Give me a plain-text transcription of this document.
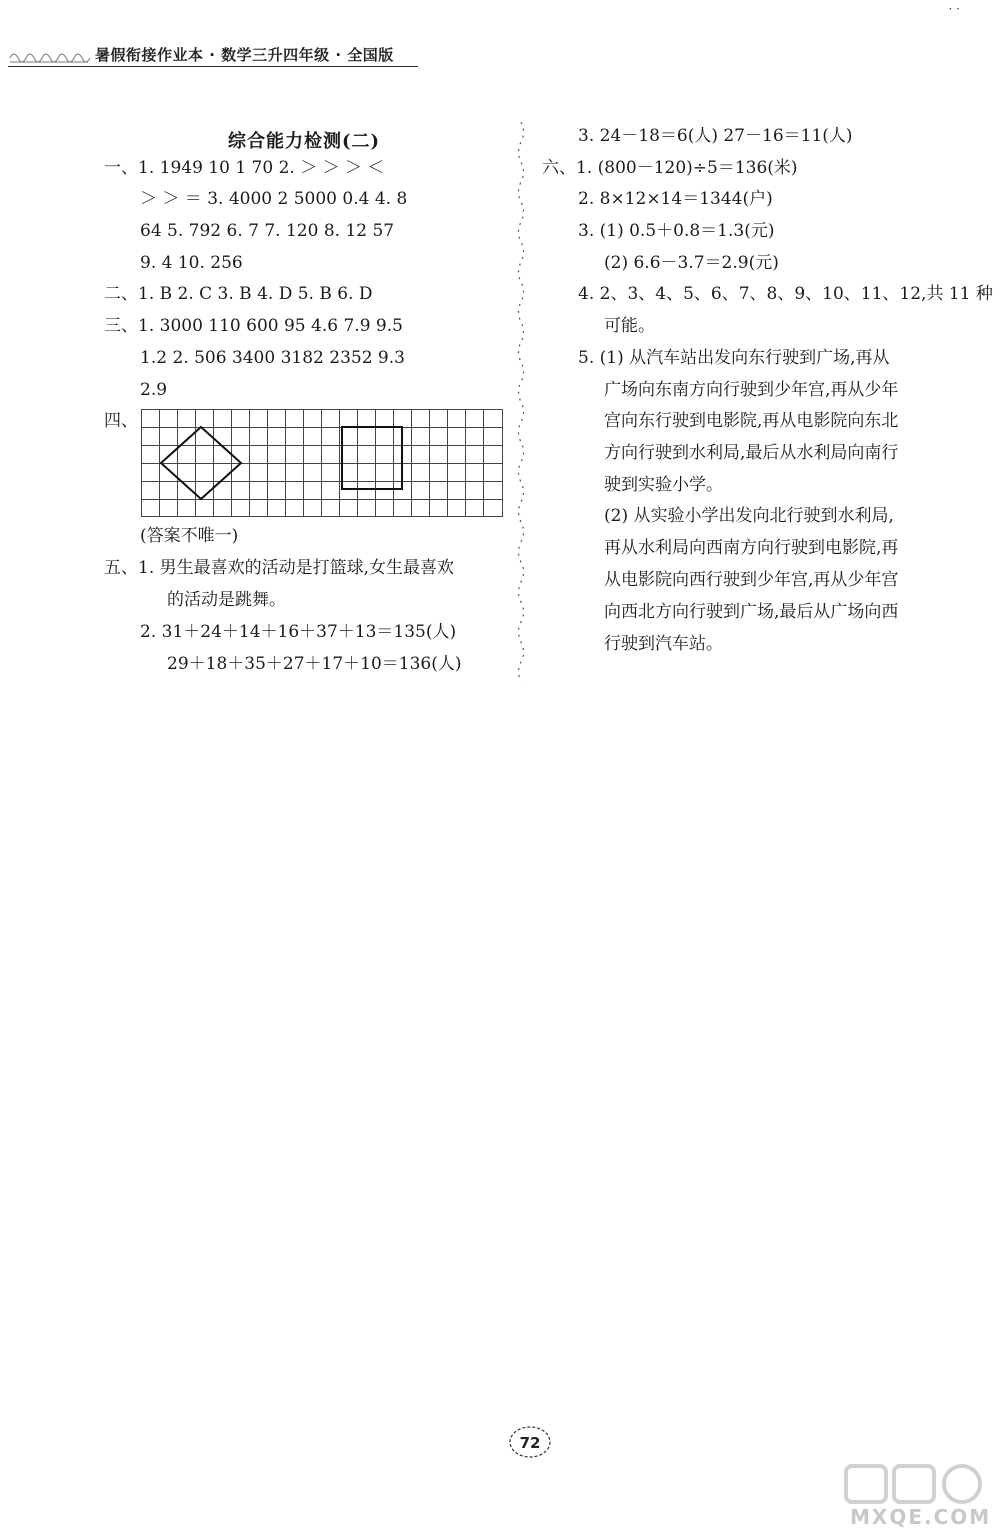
暑假衔接作业本 · 数学三升四年级 · 全国版
· ·
综合能力检测(二)
一、1. 1949 10 1 70 2. ＞ ＞ ＞ ＜
＞ ＞ ＝ 3. 4000 2 5000 0.4 4. 8
64 5. 792 6. 7 7. 120 8. 12 57
9. 4 10. 256
二、1. B 2. C 3. B 4. D 5. B 6. D
三、1. 3000 110 600 95 4.6 7.9 9.5
1.2 2. 506 3400 3182 2352 9.3
2.9
四、
(答案不唯一)
五、1. 男生最喜欢的活动是打篮球,女生最喜欢
的活动是跳舞。
2. 31＋24＋14＋16＋37＋13＝135(人)
29＋18＋35＋27＋17＋10＝136(人)
3. 24－18＝6(人) 27－16＝11(人)
六、1. (800－120)÷5＝136(米)
2. 8×12×14＝1344(户)
3. (1) 0.5＋0.8＝1.3(元)
(2) 6.6－3.7＝2.9(元)
4. 2、3、4、5、6、7、8、9、10、11、12,共 11 种
可能。
5. (1) 从汽车站出发向东行驶到广场,再从
广场向东南方向行驶到少年宫,再从少年
宫向东行驶到电影院,再从电影院向东北
方向行驶到水利局,最后从水利局向南行
驶到实验小学。
(2) 从实验小学出发向北行驶到水利局,
再从水利局向西南方向行驶到电影院,再
从电影院向西行驶到少年宫,再从少年宫
向西北方向行驶到广场,最后从广场向西
行驶到汽车站。
72
MXQE.COM
